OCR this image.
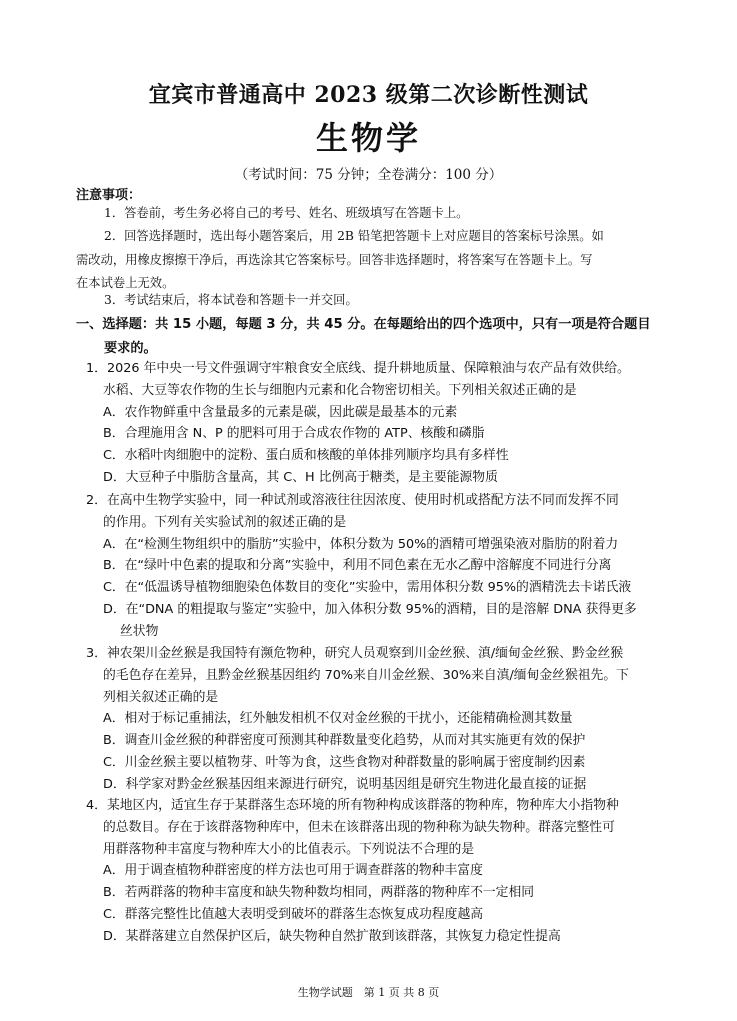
宜宾市普通高中 2023 级第二次诊断性测试
生物学
（考试时间：75 分钟；全卷满分：100 分）
注意事项：
1．答卷前，考生务必将自己的考号、姓名、班级填写在答题卡上。
2．回答选择题时，选出每小题答案后，用 2B 铅笔把答题卡上对应题目的答案标号涂黑。如
需改动，用橡皮擦擦干净后，再选涂其它答案标号。回答非选择题时，将答案写在答题卡上。写
在本试卷上无效。
3．考试结束后，将本试卷和答题卡一并交回。
一、选择题：共 15 小题，每题 3 分，共 45 分。在每题给出的四个选项中，只有一项是符合题目
要求的。
1．2026 年中央一号文件强调守牢粮食安全底线、提升耕地质量、保障粮油与农产品有效供给。
水稻、大豆等农作物的生长与细胞内元素和化合物密切相关。下列相关叙述正确的是
A．农作物鲜重中含量最多的元素是碳，因此碳是最基本的元素
B．合理施用含 N、P 的肥料可用于合成农作物的 ATP、核酸和磷脂
C．水稻叶肉细胞中的淀粉、蛋白质和核酸的单体排列顺序均具有多样性
D．大豆种子中脂肪含量高，其 C、H 比例高于糖类，是主要能源物质
2．在高中生物学实验中，同一种试剂或溶液往往因浓度、使用时机或搭配方法不同而发挥不同
的作用。下列有关实验试剂的叙述正确的是
A．在“检测生物组织中的脂肪”实验中，体积分数为 50%的酒精可增强染液对脂肪的附着力
B．在“绿叶中色素的提取和分离”实验中，利用不同色素在无水乙醇中溶解度不同进行分离
C．在“低温诱导植物细胞染色体数目的变化”实验中，需用体积分数 95%的酒精洗去卡诺氏液
D．在“DNA 的粗提取与鉴定”实验中，加入体积分数 95%的酒精，目的是溶解 DNA 获得更多
丝状物
3．神农架川金丝猴是我国特有濒危物种，研究人员观察到川金丝猴、滇/缅甸金丝猴、黔金丝猴
的毛色存在差异，且黔金丝猴基因组约 70%来自川金丝猴、30%来自滇/缅甸金丝猴祖先。下
列相关叙述正确的是
A．相对于标记重捕法，红外触发相机不仅对金丝猴的干扰小，还能精确检测其数量
B．调查川金丝猴的种群密度可预测其种群数量变化趋势，从而对其实施更有效的保护
C．川金丝猴主要以植物芽、叶等为食，这些食物对种群数量的影响属于密度制约因素
D．科学家对黔金丝猴基因组来源进行研究，说明基因组是研究生物进化最直接的证据
4．某地区内，适宜生存于某群落生态环境的所有物种构成该群落的物种库，物种库大小指物种
的总数目。存在于该群落物种库中，但未在该群落出现的物种称为缺失物种。群落完整性可
用群落物种丰富度与物种库大小的比值表示。下列说法不合理的是
A．用于调查植物种群密度的样方法也可用于调查群落的物种丰富度
B．若两群落的物种丰富度和缺失物种数均相同，两群落的物种库不一定相同
C．群落完整性比值越大表明受到破坏的群落生态恢复成功程度越高
D．某群落建立自然保护区后，缺失物种自然扩散到该群落，其恢复力稳定性提高
生物学试题　第 1 页 共 8 页
